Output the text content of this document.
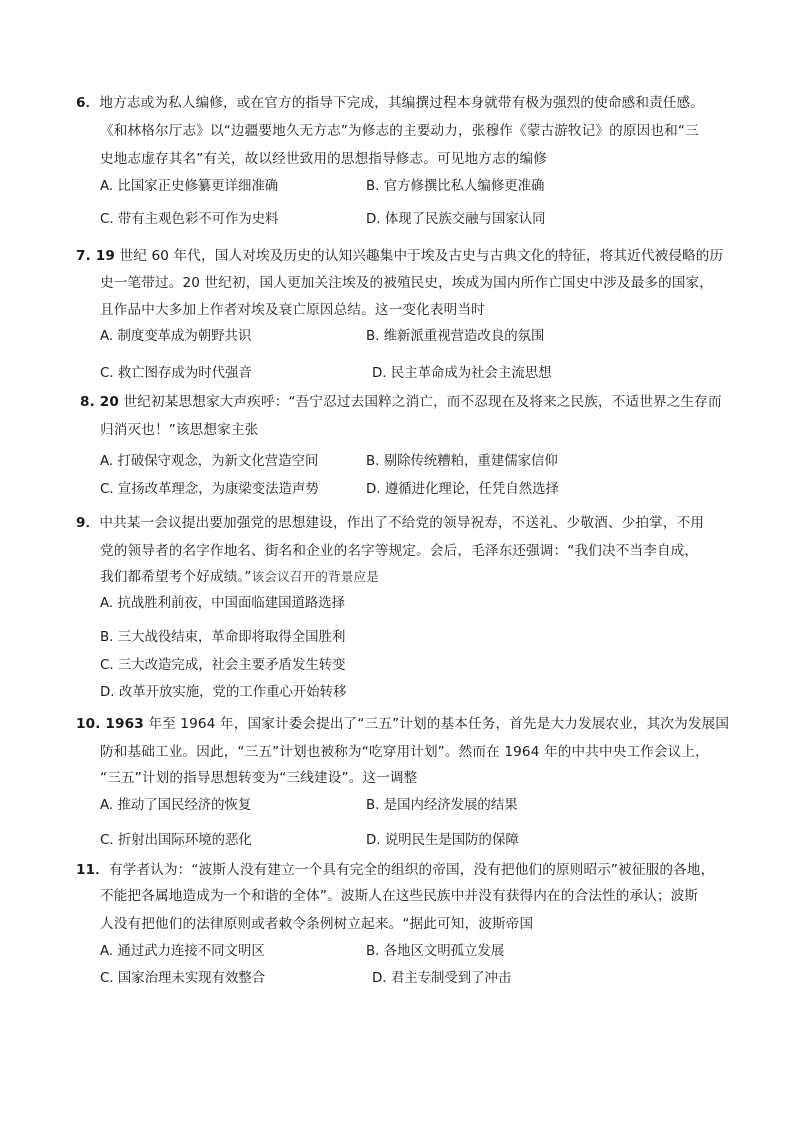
6．地方志或为私人编修，或在官方的指导下完成，其编撰过程本身就带有极为强烈的使命感和责任感。
《和林格尔厅志》以“边疆要地久无方志”为修志的主要动力，张穆作《蒙古游牧记》的原因也和“三
史地志虚存其名”有关，故以经世致用的思想指导修志。可见地方志的编修
A. 比国家正史修纂更详细准确	B. 官方修撰比私人编修更准确
C. 带有主观色彩不可作为史料	D. 体现了民族交融与国家认同
7. 19 世纪 60 年代，国人对埃及历史的认知兴趣集中于埃及古史与古典文化的特征，将其近代被侵略的历
史一笔带过。20 世纪初，国人更加关注埃及的被殖民史，埃成为国内所作亡国史中涉及最多的国家，
且作品中大多加上作者对埃及衰亡原因总结。这一变化表明当时
A. 制度变革成为朝野共识	B. 维新派重视营造改良的氛围
C. 救亡图存成为时代强音	D. 民主革命成为社会主流思想
8. 20 世纪初某思想家大声疾呼：“吾宁忍过去国粹之消亡，而不忍现在及将来之民族，不适世界之生存而
归消灭也！”该思想家主张
A. 打破保守观念，为新文化营造空间	B. 剔除传统糟粕，重建儒家信仰
C. 宣扬改革理念，为康梁变法造声势	D. 遵循进化理论，任凭自然选择
9．中共某一会议提出要加强党的思想建设，作出了不给党的领导祝寿，不送礼、少敬酒、少拍掌，不用
党的领导者的名字作地名、街名和企业的名字等规定。会后，毛泽东还强调：“我们决不当李自成，
我们都希望考个好成绩。”该会议召开的背景应是
A. 抗战胜利前夜，中国面临建国道路选择
B. 三大战役结束，革命即将取得全国胜利
C. 三大改造完成，社会主要矛盾发生转变
D. 改革开放实施，党的工作重心开始转移
10. 1963 年至 1964 年，国家计委会提出了“三五”计划的基本任务，首先是大力发展农业，其次为发展国
防和基础工业。因此，“三五”计划也被称为“吃穿用计划”。然而在 1964 年的中共中央工作会议上，
“三五”计划的指导思想转变为“三线建设”。这一调整
A. 推动了国民经济的恢复	B. 是国内经济发展的结果
C. 折射出国际环境的恶化	D. 说明民生是国防的保障
11．有学者认为：“波斯人没有建立一个具有完全的组织的帝国，没有把他们的原则昭示”被征服的各地，
不能把各属地造成为一个和谐的全体”。波斯人在这些民族中并没有获得内在的合法性的承认；波斯
人没有把他们的法律原则或者敕令条例树立起来。“据此可知，波斯帝国
A. 通过武力连接不同文明区	B. 各地区文明孤立发展
C. 国家治理未实现有效整合	D. 君主专制受到了冲击
